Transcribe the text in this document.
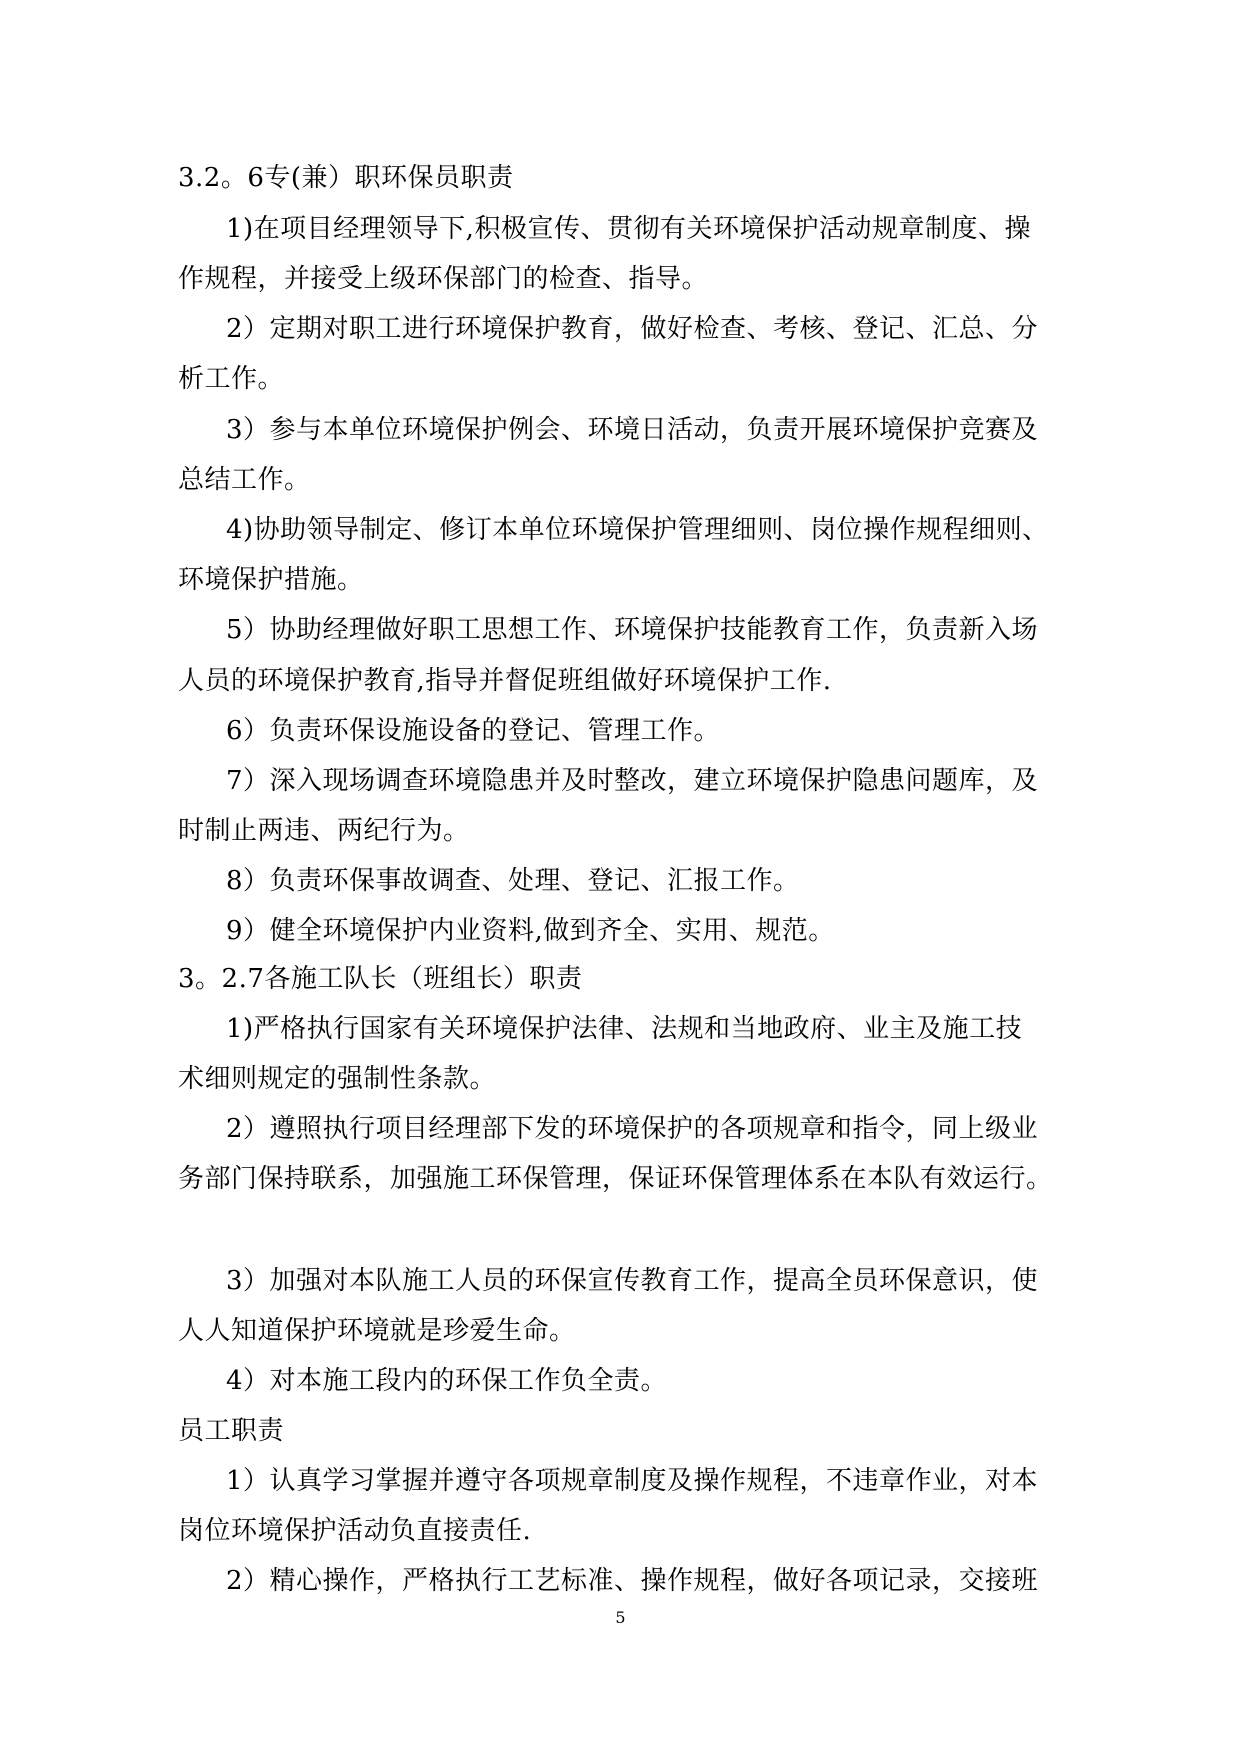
3.2。6专(兼）职环保员职责
1)在项目经理领导下,积极宣传、贯彻有关环境保护活动规章制度、操
作规程，并接受上级环保部门的检查、指导。
2）定期对职工进行环境保护教育，做好检查、考核、登记、汇总、分
析工作。
3）参与本单位环境保护例会、环境日活动，负责开展环境保护竞赛及
总结工作。
4)协助领导制定、修订本单位环境保护管理细则、岗位操作规程细则、
环境保护措施。
5）协助经理做好职工思想工作、环境保护技能教育工作，负责新入场
人员的环境保护教育,指导并督促班组做好环境保护工作.
6）负责环保设施设备的登记、管理工作。
7）深入现场调查环境隐患并及时整改，建立环境保护隐患问题库，及
时制止两违、两纪行为。
8）负责环保事故调查、处理、登记、汇报工作。
9）健全环境保护内业资料,做到齐全、实用、规范。
3。2.7各施工队长（班组长）职责
1)严格执行国家有关环境保护法律、法规和当地政府、业主及施工技
术细则规定的强制性条款。
2）遵照执行项目经理部下发的环境保护的各项规章和指令，同上级业
务部门保持联系，加强施工环保管理，保证环保管理体系在本队有效运行。
3）加强对本队施工人员的环保宣传教育工作，提高全员环保意识，使
人人知道保护环境就是珍爱生命。
4）对本施工段内的环保工作负全责。
员工职责
1）认真学习掌握并遵守各项规章制度及操作规程，不违章作业，对本
岗位环境保护活动负直接责任.
2）精心操作，严格执行工艺标准、操作规程，做好各项记录，交接班
5
